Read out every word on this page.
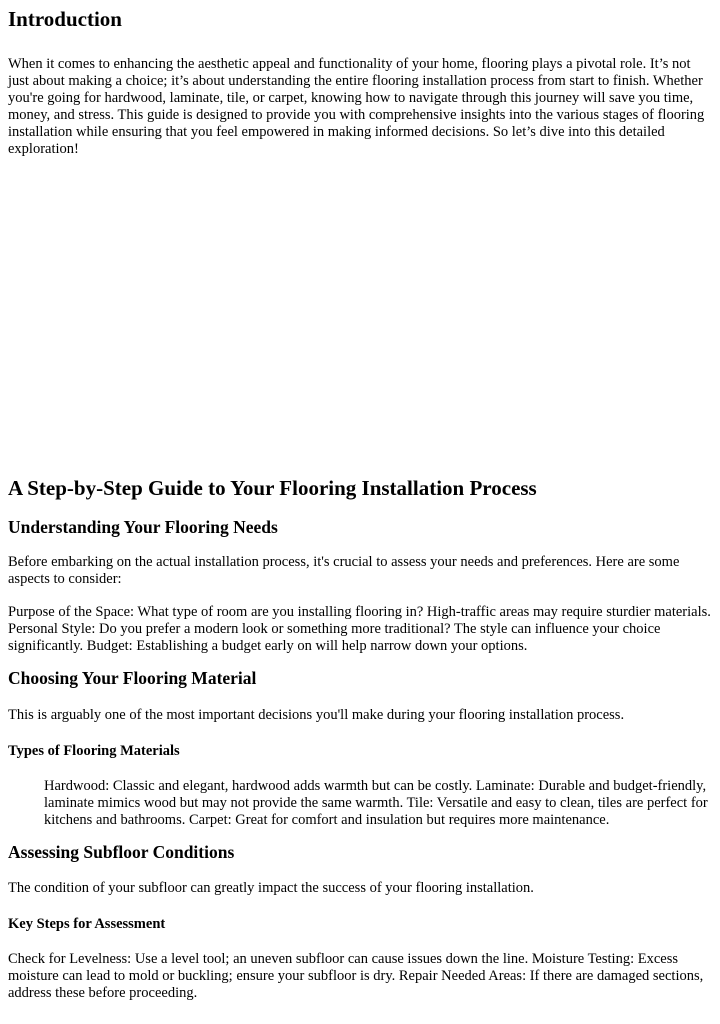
Introduction

When it comes to enhancing the aesthetic appeal and functionality of your home, flooring plays a pivotal role. It’s not just about making a choice; it’s about understanding the entire flooring installation process from start to finish. Whether you're going for hardwood, laminate, tile, or carpet, knowing how to navigate through this journey will save you time, money, and stress. This guide is designed to provide you with comprehensive insights into the various stages of flooring installation while ensuring that you feel empowered in making informed decisions. So let’s dive into this detailed exploration!

A Step-by-Step Guide to Your Flooring Installation Process
Understanding Your Flooring Needs

Before embarking on the actual installation process, it's crucial to assess your needs and preferences. Here are some aspects to consider:

Purpose of the Space: What type of room are you installing flooring in? High-traffic areas may require sturdier materials. Personal Style: Do you prefer a modern look or something more traditional? The style can influence your choice significantly. Budget: Establishing a budget early on will help narrow down your options.

Choosing Your Flooring Material

This is arguably one of the most important decisions you'll make during your flooring installation process.

Types of Flooring Materials

Hardwood: Classic and elegant, hardwood adds warmth but can be costly. Laminate: Durable and budget-friendly, laminate mimics wood but may not provide the same warmth. Tile: Versatile and easy to clean, tiles are perfect for kitchens and bathrooms. Carpet: Great for comfort and insulation but requires more maintenance.

Assessing Subfloor Conditions

The condition of your subfloor can greatly impact the success of your flooring installation.

Key Steps for Assessment

Check for Levelness: Use a level tool; an uneven subfloor can cause issues down the line. Moisture Testing: Excess moisture can lead to mold or buckling; ensure your subfloor is dry. Repair Needed Areas: If there are damaged sections, address these before proceeding.
